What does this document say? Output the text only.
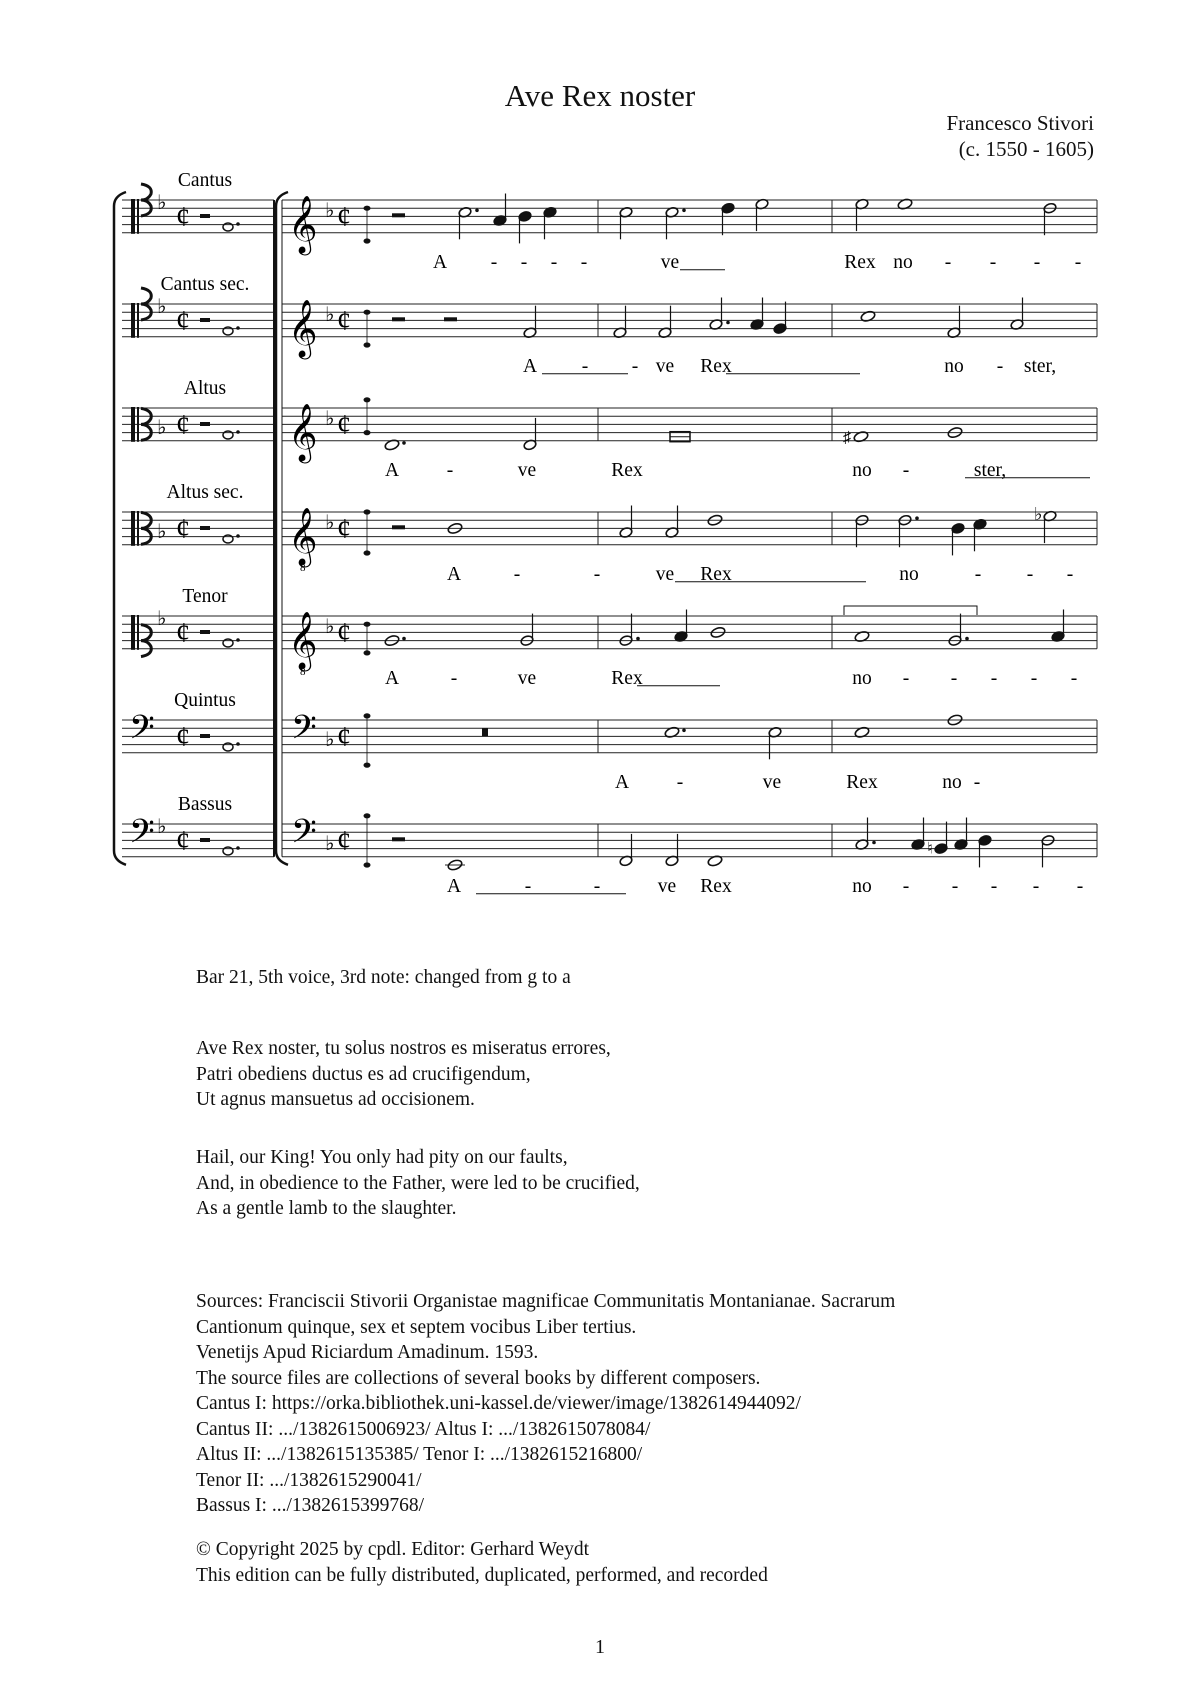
Ave Rex noster
Francesco Stivori
(c. 1550 - 1605)
♭ ¢ 𝄞 ♭ ¢
A - - - -	ve	Rex no - - - -
Cantus
♭ ¢ 𝄞 ♭ ¢
A - - ve Rex	no - ster,
Cantus sec.
♭ ¢ 𝄞 ♭ ¢	♯
A -	ve	Rex	no -	ster,
Altus
♭ ¢ 𝄞
8
♭ ¢	♭
A	-	-	ve Rex	no	- - -
Altus sec.
♭ ¢ 𝄞
8
♭ ¢
A	-	ve	Rex	no - - - - -
Tenor
𝄢 ¢	𝄢 ♭ ¢
A -	ve	Rex	no -
Quintus
𝄢 ♭ ¢	𝄢 ♭ ¢	♮
A	-	-	ve Rex	no - - - - -
Bassus
Bar 21, 5th voice, 3rd note: changed from g to a
Ave Rex noster, tu solus nostros es miseratus errores,
Patri obediens ductus es ad crucifigendum,
Ut agnus mansuetus ad occisionem.
Hail, our King! You only had pity on our faults,
And, in obedience to the Father, were led to be crucified,
As a gentle lamb to the slaughter.
Sources: Franciscii Stivorii Organistae magnificae Communitatis Montanianae. Sacrarum
Cantionum quinque, sex et septem vocibus Liber tertius.
Venetijs Apud Riciardum Amadinum. 1593.
The source files are collections of several books by different composers.
Cantus I: https://orka.bibliothek.uni-kassel.de/viewer/image/1382614944092/
Cantus II: .../1382615006923/ Altus I: .../1382615078084/
Altus II: .../1382615135385/ Tenor I: .../1382615216800/
Tenor II: .../1382615290041/
Bassus I: .../1382615399768/
© Copyright 2025 by cpdl. Editor: Gerhard Weydt
This edition can be fully distributed, duplicated, performed, and recorded
1
